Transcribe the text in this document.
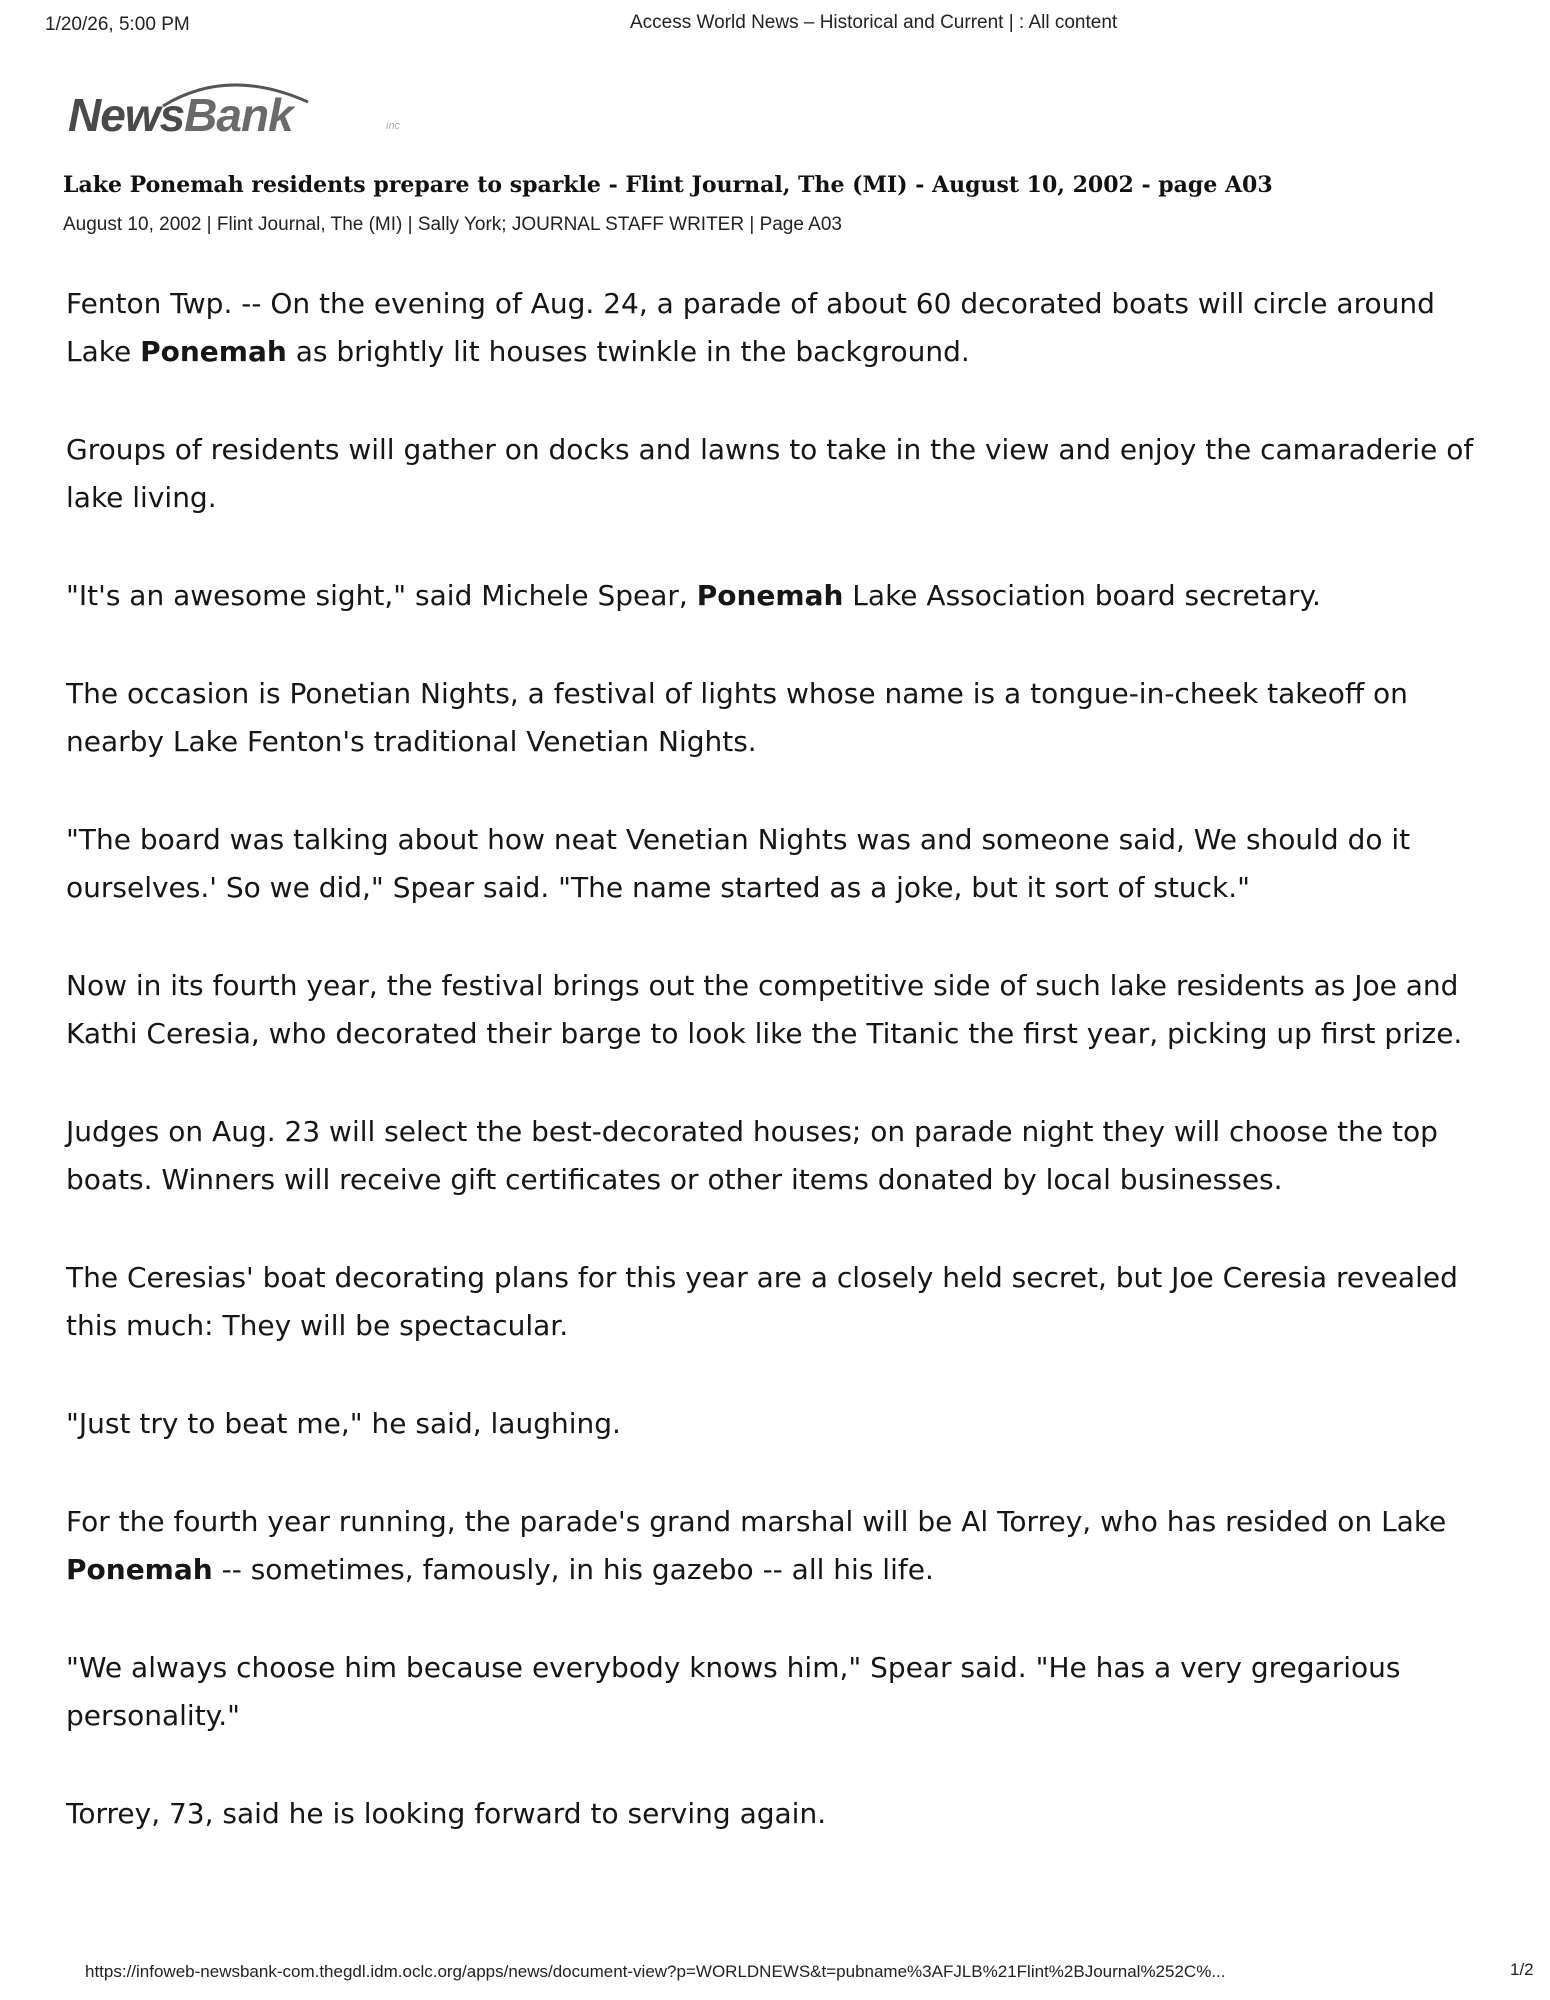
1/20/26, 5:00 PM	Access World News – Historical and Current | : All content
NewsBank	inc
Lake Ponemah residents prepare to sparkle - Flint Journal, The (MI) - August 10, 2002 - page A03
August 10, 2002 | Flint Journal, The (MI) | Sally York; JOURNAL STAFF WRITER | Page A03

Fenton Twp. -- On the evening of Aug. 24, a parade of about 60 decorated boats will circle around Lake Ponemah as brightly lit houses twinkle in the background.

Groups of residents will gather on docks and lawns to take in the view and enjoy the camaraderie of lake living.

"It's an awesome sight," said Michele Spear, Ponemah Lake Association board secretary.

The occasion is Ponetian Nights, a festival of lights whose name is a tongue-in-cheek takeoff on nearby Lake Fenton's traditional Venetian Nights.

"The board was talking about how neat Venetian Nights was and someone said, We should do it ourselves.' So we did," Spear said. "The name started as a joke, but it sort of stuck."

Now in its fourth year, the festival brings out the competitive side of such lake residents as Joe and Kathi Ceresia, who decorated their barge to look like the Titanic the first year, picking up first prize.

Judges on Aug. 23 will select the best-decorated houses; on parade night they will choose the top boats. Winners will receive gift certificates or other items donated by local businesses.

The Ceresias' boat decorating plans for this year are a closely held secret, but Joe Ceresia revealed this much: They will be spectacular.

"Just try to beat me," he said, laughing.

For the fourth year running, the parade's grand marshal will be Al Torrey, who has resided on Lake Ponemah -- sometimes, famously, in his gazebo -- all his life.

"We always choose him because everybody knows him," Spear said. "He has a very gregarious personality."

Torrey, 73, said he is looking forward to serving again.

https://infoweb-newsbank-com.thegdl.idm.oclc.org/apps/news/document-view?p=WORLDNEWS&t=pubname%3AFJLB%21Flint%2BJournal%252C%...	1/2
